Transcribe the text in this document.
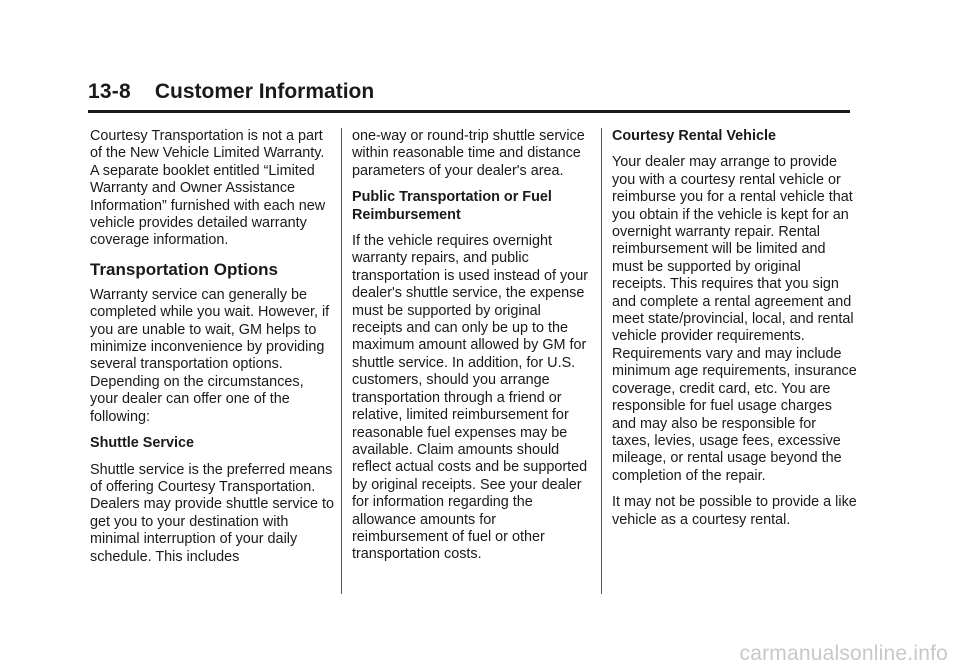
13-8 Customer Information

Courtesy Transportation is not a part of the New Vehicle Limited Warranty. A separate booklet entitled “Limited Warranty and Owner Assistance Information” furnished with each new vehicle provides detailed warranty coverage information.

Transportation Options

Warranty service can generally be completed while you wait. However, if you are unable to wait, GM helps to minimize inconvenience by providing several transportation options. Depending on the circumstances, your dealer can offer one of the following:

Shuttle Service

Shuttle service is the preferred means of offering Courtesy Transportation. Dealers may provide shuttle service to get you to your destination with minimal interruption of your daily schedule. This includes

one-way or round-trip shuttle service within reasonable time and distance parameters of your dealer's area.

Public Transportation or Fuel Reimbursement

If the vehicle requires overnight warranty repairs, and public transportation is used instead of your dealer's shuttle service, the expense must be supported by original receipts and can only be up to the maximum amount allowed by GM for shuttle service. In addition, for U.S. customers, should you arrange transportation through a friend or relative, limited reimbursement for reasonable fuel expenses may be available. Claim amounts should reflect actual costs and be supported by original receipts. See your dealer for information regarding the allowance amounts for reimbursement of fuel or other transportation costs.

Courtesy Rental Vehicle

Your dealer may arrange to provide you with a courtesy rental vehicle or reimburse you for a rental vehicle that you obtain if the vehicle is kept for an overnight warranty repair. Rental reimbursement will be limited and must be supported by original receipts. This requires that you sign and complete a rental agreement and meet state/provincial, local, and rental vehicle provider requirements. Requirements vary and may include minimum age requirements, insurance coverage, credit card, etc. You are responsible for fuel usage charges and may also be responsible for taxes, levies, usage fees, excessive mileage, or rental usage beyond the completion of the repair.

It may not be possible to provide a like vehicle as a courtesy rental.

carmanualsonline.info
